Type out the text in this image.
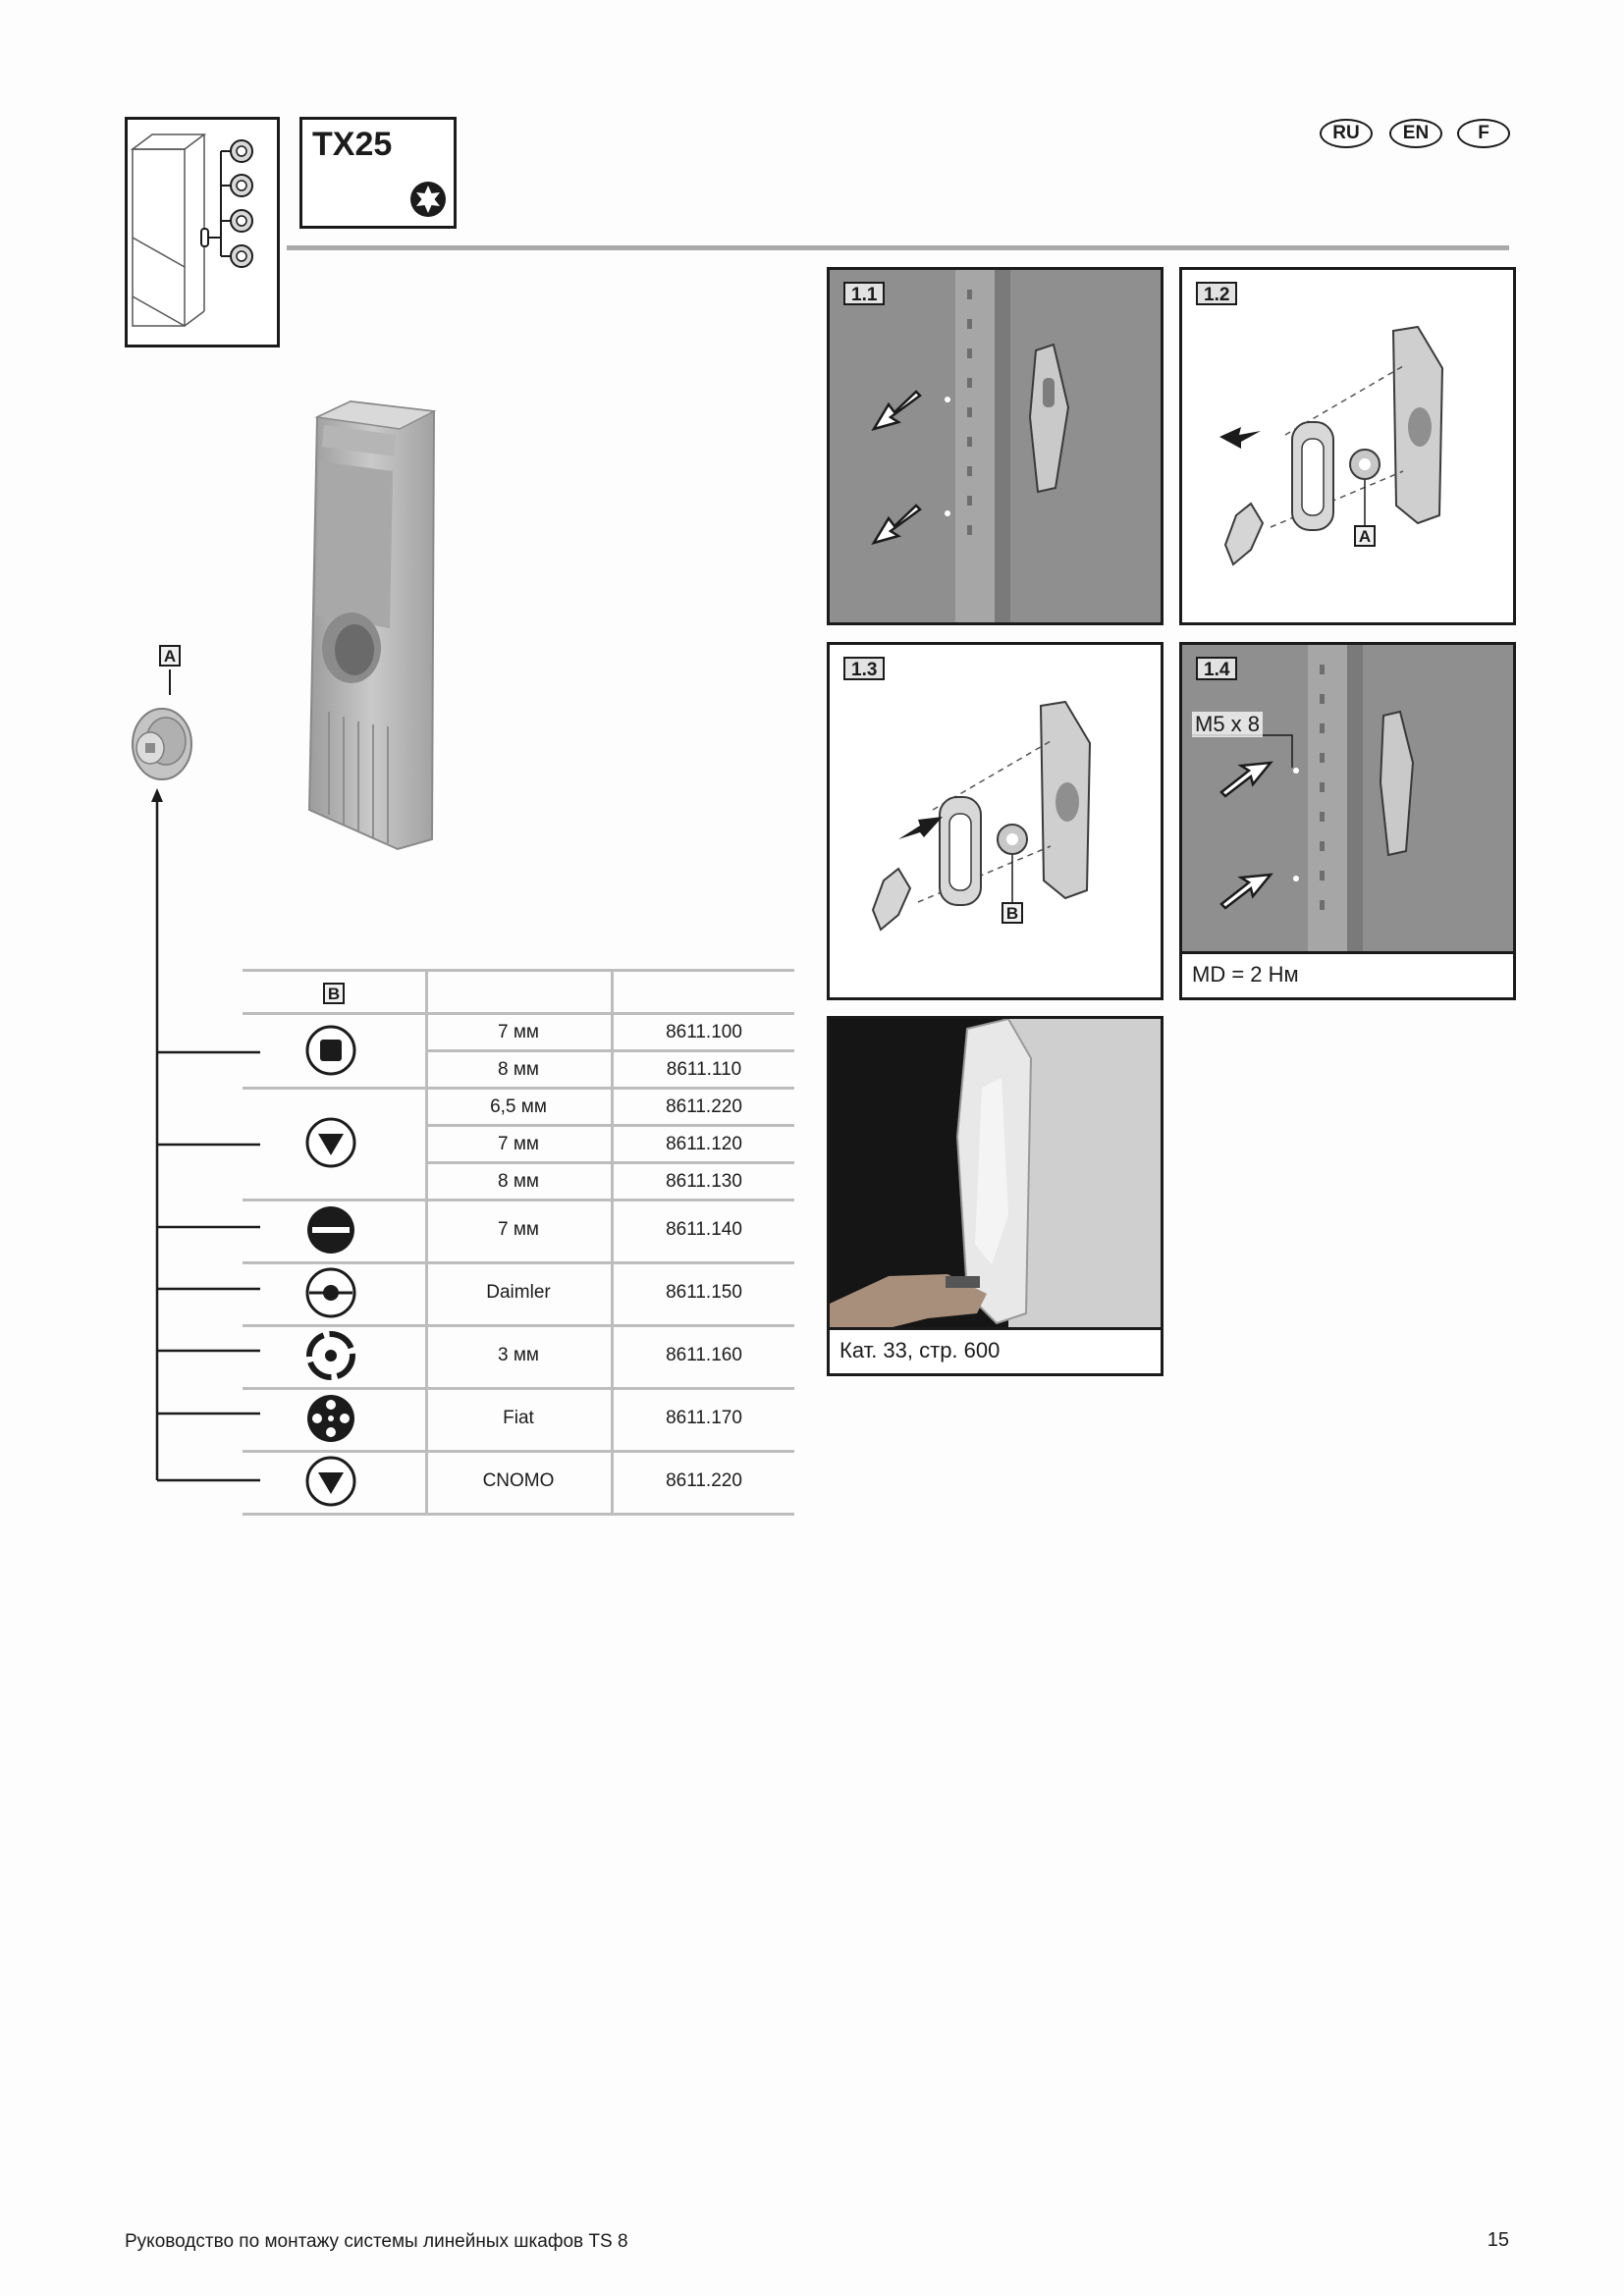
TX25	RU	EN	F
A
1.1	1.2
A
1.3
B
1.4
M5 x 8
MD = 2 Нм
Кат. 33, стр. 600
B
7 мм	8611.100
8 мм	8611.110
6,5 мм	8611.220
7 мм	8611.120
8 мм	8611.130
7 мм	8611.140
Daimler	8611.150
3 мм	8611.160
Fiat	8611.170
CNOMO	8611.220
Руководство по монтажу системы линейных шкафов TS 8	15
